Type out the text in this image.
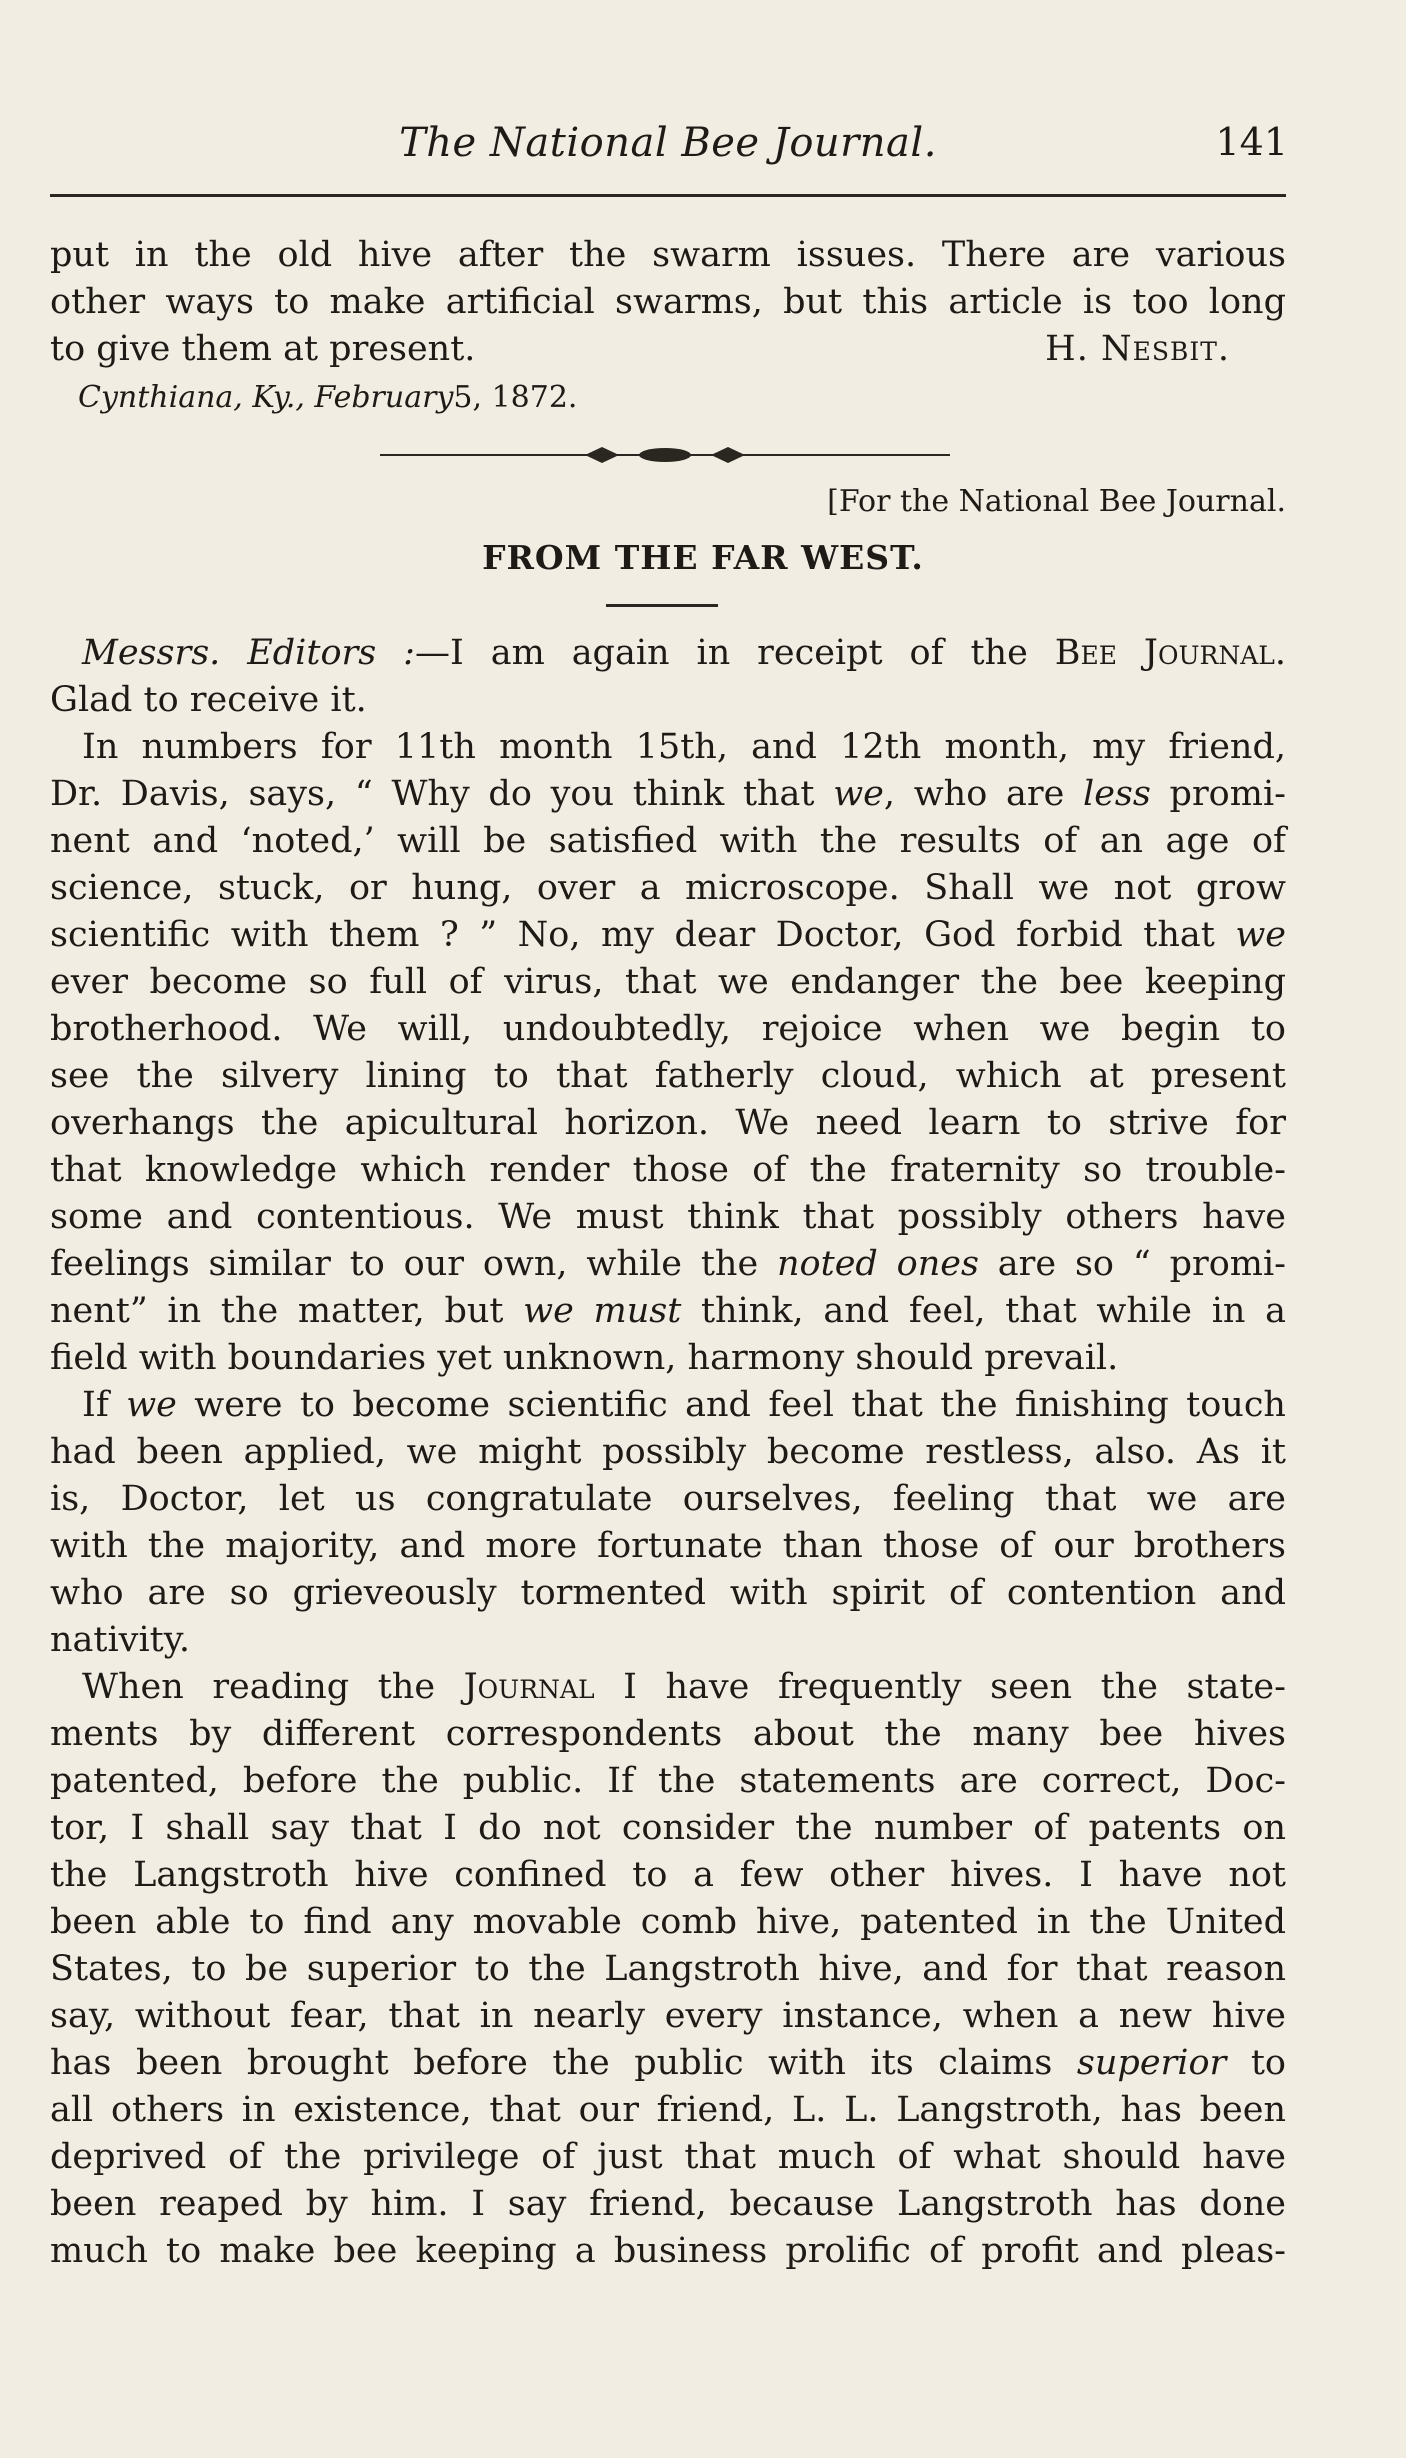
The National Bee Journal.	141
put in the old hive after the swarm issues. There are various
other ways to make artificial swarms, but this article is too long
to give them at present.	H. Nesbit.
Cynthiana, Ky., February5, 1872.
[For the National Bee Journal.
FROM THE FAR WEST.
Messrs. Editors :—I am again in receipt of the Bee Journal.
Glad to receive it.
In numbers for 11th month 15th, and 12th month, my friend,
Dr. Davis, says, “ Why do you think that we, who are less promi-
nent and ‘noted,’ will be satisfied with the results of an age of
science, stuck, or hung, over a microscope. Shall we not grow
scientific with them ? ” No, my dear Doctor, God forbid that we
ever become so full of virus, that we endanger the bee keeping
brotherhood. We will, undoubtedly, rejoice when we begin to
see the silvery lining to that fatherly cloud, which at present
overhangs the apicultural horizon. We need learn to strive for
that knowledge which render those of the fraternity so trouble-
some and contentious. We must think that possibly others have
feelings similar to our own, while the noted ones are so “ promi-
nent” in the matter, but we must think, and feel, that while in a
field with boundaries yet unknown, harmony should prevail.
If we were to become scientific and feel that the finishing touch
had been applied, we might possibly become restless, also. As it
is, Doctor, let us congratulate ourselves, feeling that we are
with the majority, and more fortunate than those of our brothers
who are so grieveously tormented with spirit of contention and
nativity.
When reading the Journal I have frequently seen the state-
ments by different correspondents about the many bee hives
patented, before the public. If the statements are correct, Doc-
tor, I shall say that I do not consider the number of patents on
the Langstroth hive confined to a few other hives. I have not
been able to find any movable comb hive, patented in the United
States, to be superior to the Langstroth hive, and for that reason
say, without fear, that in nearly every instance, when a new hive
has been brought before the public with its claims superior to
all others in existence, that our friend, L. L. Langstroth, has been
deprived of the privilege of just that much of what should have
been reaped by him. I say friend, because Langstroth has done
much to make bee keeping a business prolific of profit and pleas-
